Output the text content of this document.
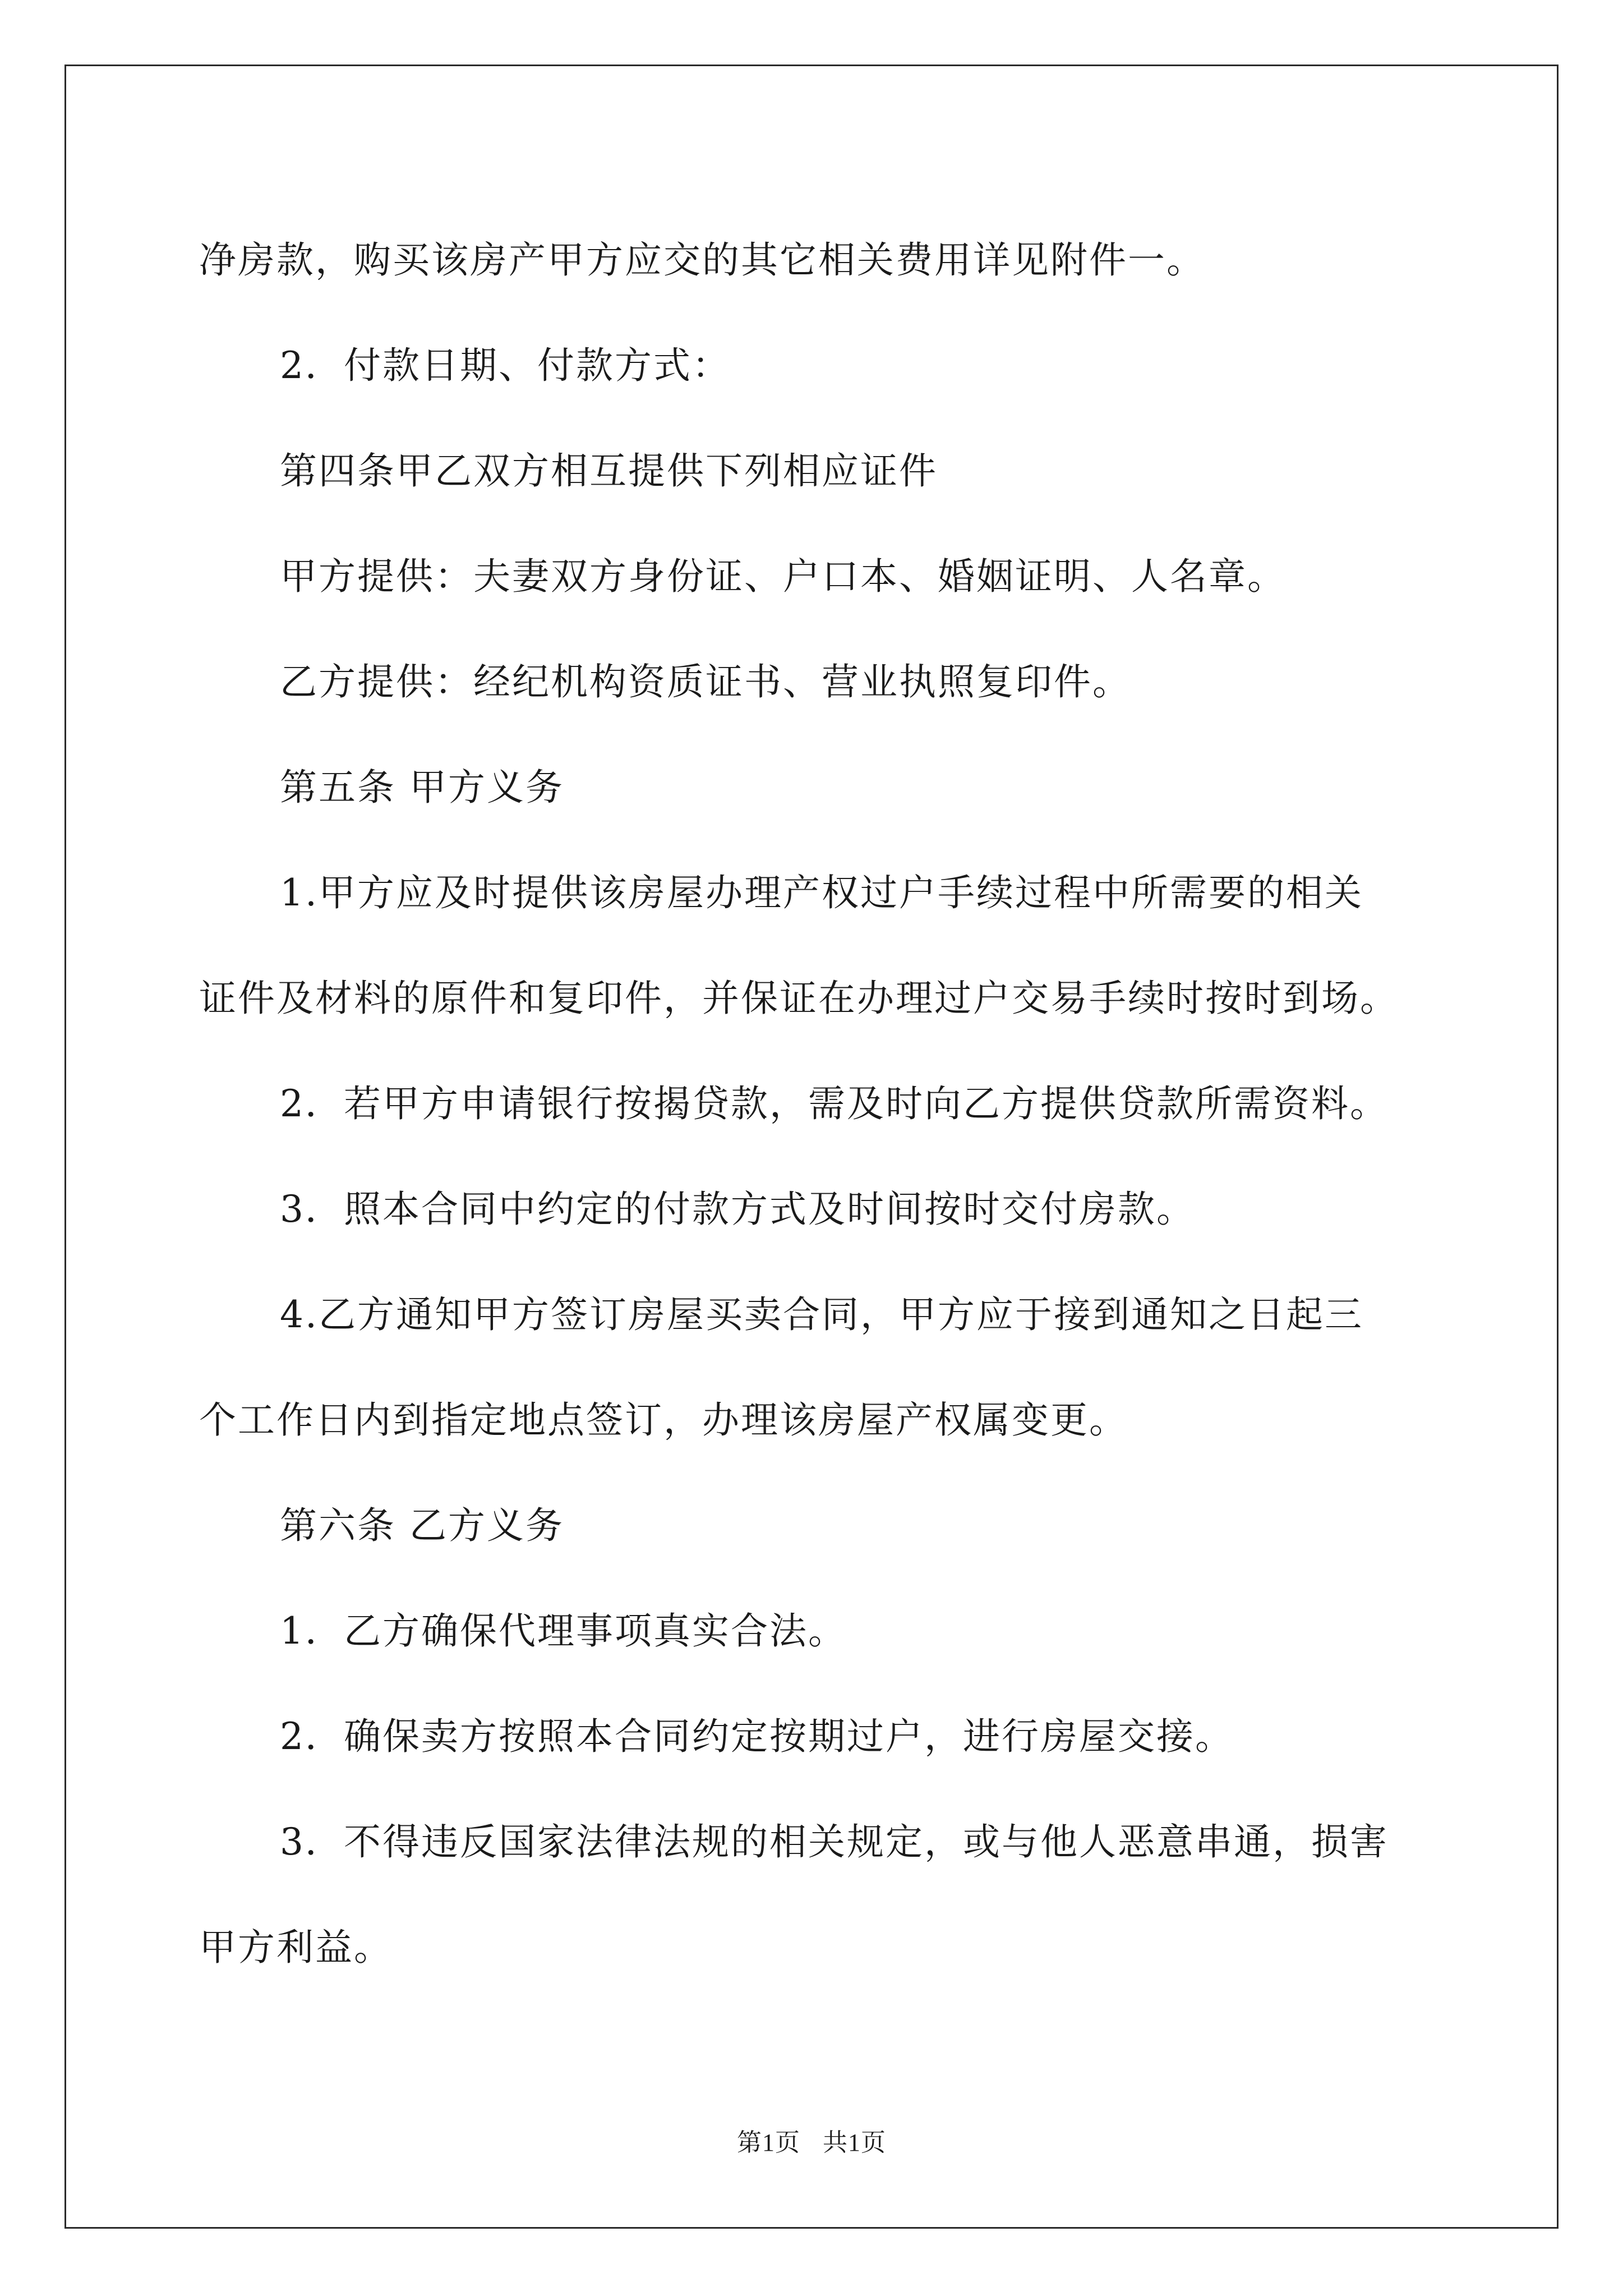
净房款，购买该房产甲方应交的其它相关费用详见附件一。

2．付款日期、付款方式：

第四条甲乙双方相互提供下列相应证件

甲方提供：夫妻双方身份证、户口本、婚姻证明、人名章。

乙方提供：经纪机构资质证书、营业执照复印件。

第五条 甲方义务

1.甲方应及时提供该房屋办理产权过户手续过程中所需要的相关

证件及材料的原件和复印件，并保证在办理过户交易手续时按时到场。

2．若甲方申请银行按揭贷款，需及时向乙方提供贷款所需资料。

3．照本合同中约定的付款方式及时间按时交付房款。

4.乙方通知甲方签订房屋买卖合同，甲方应于接到通知之日起三

个工作日内到指定地点签订，办理该房屋产权属变更。

第六条 乙方义务

1．乙方确保代理事项真实合法。

2．确保卖方按照本合同约定按期过户，进行房屋交接。

3．不得违反国家法律法规的相关规定，或与他人恶意串通，损害

甲方利益。

第1页 共1页
